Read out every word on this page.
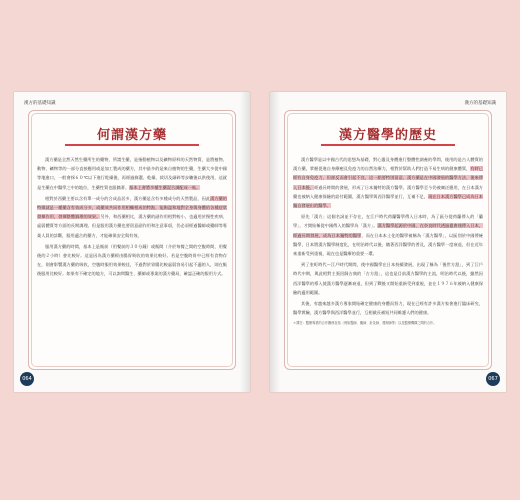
漢方的基礎知識
何謂漢方藥

漢方藥是全然天然生藥所生的藥物，所謂生藥，是指動植物以及礦物原料的天然物質，是將植物、動物、礦物等的一部分直接應用或是加工製成的藥方，其中最多的是來自植物的生藥，生藥大多從中國等地進口，一般會採６０℃以下進行乾燥後，再經過篩選、乾燥、裁切及細碎等步驟後以供使用，這就是生藥在中醫學之中的地位，生藥性質也跟隨著。基本上會將多種生藥混合調配成一帖。

相對於西藥主要以含有單一成分的合成品居多，漢方藥是含有多種成分的天然製品，因此漢方藥的特徵就是一種藥含有效成分多，或藥效共同作用相輔相成的特點，能夠溫和地對全身與身體的各種症狀發揮作用，發揮整體調理的效果。另外，和西藥相比，漢方藥的副作用相對較小，也適用於慢性疾病、虛弱體質等方面的長期調理。但是服用漢方藥也要留意副作用和注意事項，仍必須經過醫師或藥師等專業人員的診斷，服用適合的藥方，才能確保安全與有效。

服用漢方藥的時間，基本上是飯前（用餐前的３０分鐘）或飯間（介於每餐之間的空腹時間，用餐後的２小時）會比較好。這是因為漢方藥經由腸胃吸收的效果比較好。若是空腹時胃中已經有食物存在，則會影響漢方藥的吸收，空腹時服用效果較佳，不過對於胃腸比較虛弱容易引起不適的人，則在飯後服用比較好。如果有不確定的地方，可以詢問醫生、藥師或專業的漢方藥局，確認正確的服用方式。

064
漢方的基礎知識
漢方醫學的歷史

漢方醫學是以中國古代的思想為基礎，對心靈及身體進行整體性調養的學問，使用的是古人體質的漢方藥，掌握促進自身療癒及免疫力的自然治療力，相對於幫助人們打造不易生病的健康體質，有時已經有自身免疫力，但卻反而會引起不良，這一點要特別留意。漢方藥是在中國發展的醫學方法，後來傳入日本後，經過長時間的發展，形成了日本獨特的漢方醫學，漢方醫學至今仍被廣泛應用，在日本漢方藥也被納入健康保險的給付範圍，漢方醫學與西洋醫學並行，互補不足，現在日本漢方醫學已成為日本獨自發展出的醫學。

原先「漢方」這個名詞並不存在，在江戶時代荷蘭醫學傳入日本時，為了區分從荷蘭傳入的「蘭學」，才開始稱從中國傳入的醫學為「漢方」。漢方醫學起源於中國，在奈良時代透過遣唐使傳入日本，經過長期發展，成為日本獨特的醫學，而在日本本土化的醫學被稱為「漢方醫學」，以區別於中國傳統醫學，日本將漢方醫學制度化，在明治時代以後，隨著西洋醫學的普及，漢方醫學一度衰退，但在近年來重新受到重視，現在也是醫療的重要一環。

到了室町時代～江戶時代期間，使中國醫學在日本持續發展，出現了稱為「後世方派」，到了江戶時代中期，與此相對主張回歸古典的「古方派」，這也是目前漢方醫學的主流，明治時代以後，雖然因西洋醫學的導入使漢方醫學逐漸衰退，但到了戰後又開始重新受到重視，並在１９７６年被納入健康保險的適用範圍。

其後，有越來越多漢方專家開始確定健康的身體而努力，現在已經有許多漢方家會進行臨床研究、醫學實驗，漢方醫學與西洋醫學並行，互相截長補短共同維護人們的健康。

＊譯註：醫療專業的合作關係包括（例如醫師、藥師、針灸師、護理師等）以及醫療機構之間的合作。
067
